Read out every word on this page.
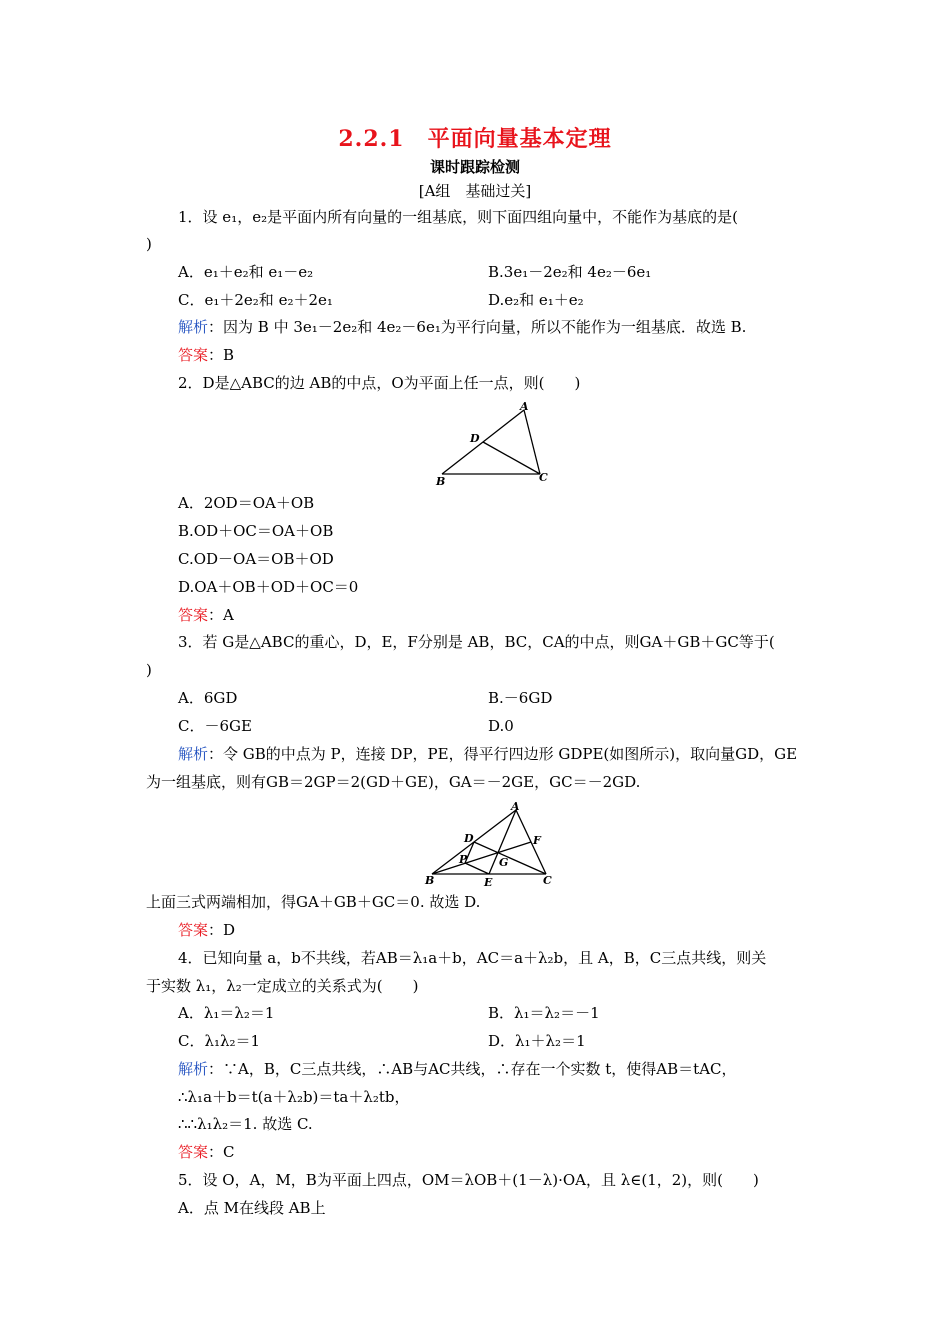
2.2.1　平面向量基本定理
课时跟踪检测
[A组　基础过关]
1．设 e₁，e₂是平面内所有向量的一组基底，则下面四组向量中，不能作为基底的是(
)
A．e₁＋e₂和 e₁－e₂	B.3e₁－2e₂和 4e₂－6e₁
C．e₁＋2e₂和 e₂＋2e₁	D.e₂和 e₁＋e₂
解析：因为 B 中 3e₁－2e₂和 4e₂－6e₁为平行向量，所以不能作为一组基底．故选 B.
答案：B
2．D是△ABC的边 AB的中点，O为平面上任一点，则(　　)
A
B	C
D
A．2OD＝OA＋OB
B.OD＋OC＝OA＋OB
C.OD－OA＝OB＋OD
D.OA＋OB＋OD＋OC＝0
答案：A
3．若 G是△ABC的重心，D，E，F分别是 AB，BC，CA的中点，则GA＋GB＋GC等于(
)
A．6GD	B.－6GD
C．－6GE	D.0
解析：令 GB的中点为 P，连接 DP，PE，得平行四边形 GDPE(如图所示)，取向量GD，GE
为一组基底，则有GB＝2GP＝2(GD＋GE)，GA＝－2GE，GC＝－2GD.
A
B	C
D
E
F
G
P
上面三式两端相加，得GA＋GB＋GC＝0. 故选 D.
答案：D
4．已知向量 a，b不共线，若AB＝λ₁a＋b，AC＝a＋λ₂b，且 A，B，C三点共线，则关
于实数 λ₁，λ₂一定成立的关系式为(　　)
A．λ₁＝λ₂＝1	B．λ₁＝λ₂＝－1
C．λ₁λ₂＝1	D．λ₁＋λ₂＝1
解析：∵A，B，C三点共线，∴AB与AC共线，∴存在一个实数 t，使得AB＝tAC，
∴λ₁a＋b＝t(a＋λ₂b)＝ta＋λ₂tb，
∴∴λ₁λ₂＝1. 故选 C.
答案：C
5．设 O，A，M，B为平面上四点，OM＝λOB＋(1－λ)·OA，且 λ∈(1，2)，则(　　)
A．点 M在线段 AB上
